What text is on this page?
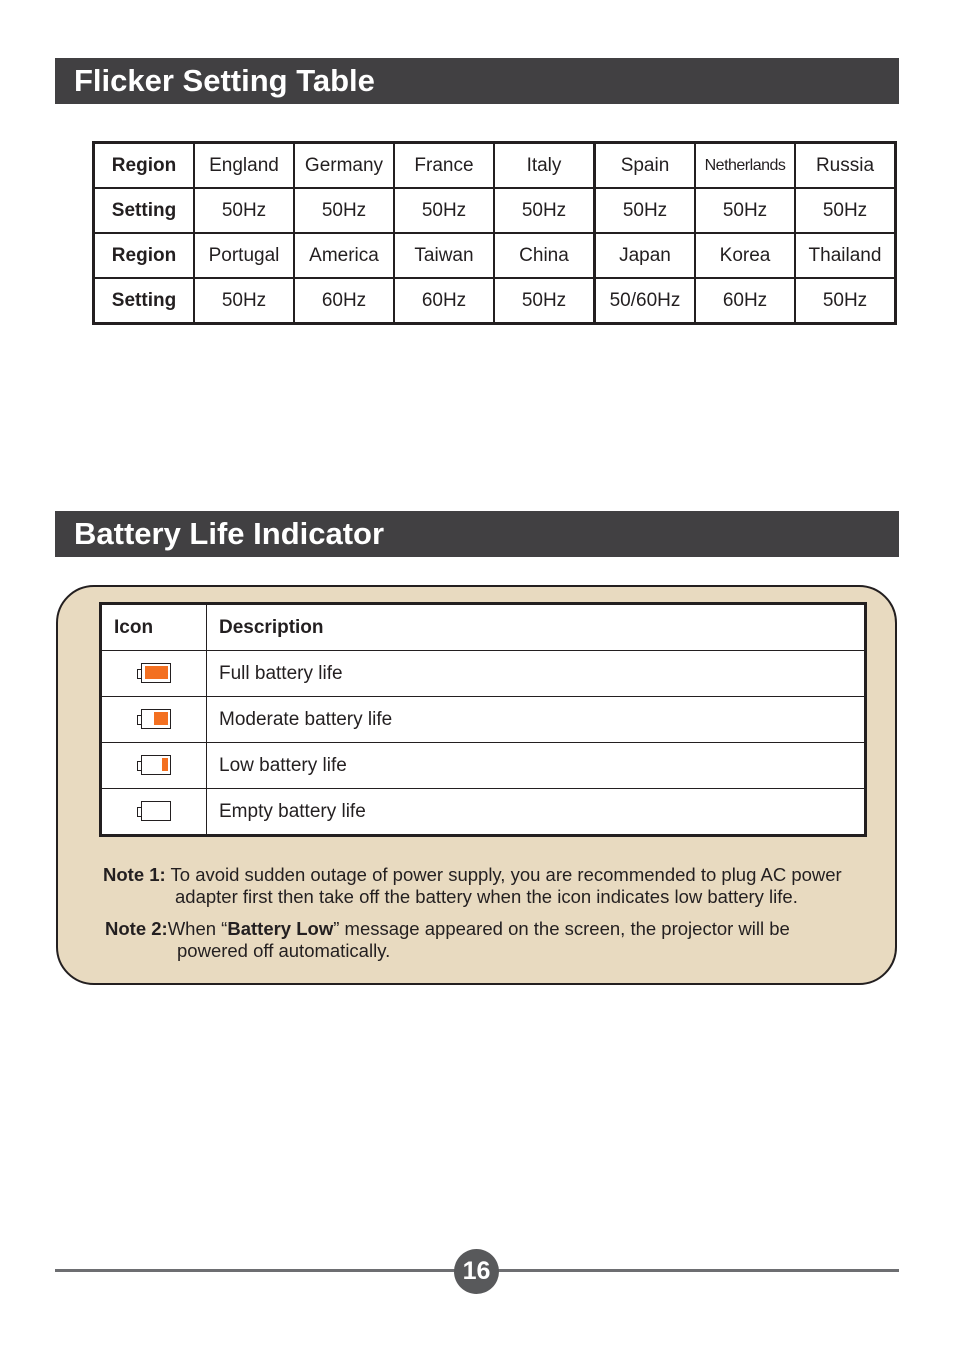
Flicker Setting Table
Region	England	Germany	France	Italy	Spain	Netherlands	Russia
Setting	50Hz	50Hz	50Hz	50Hz	50Hz	50Hz	50Hz
Region	Portugal	America	Taiwan	China	Japan	Korea	Thailand
Setting	50Hz	60Hz	60Hz	50Hz	50/60Hz	60Hz	50Hz
Battery Life Indicator
Icon	Description

	Full battery life

	Moderate battery life

	Low battery life

	Empty battery life

Note 1: To avoid sudden outage of power supply, you are recommended to plug AC power
adapter first then take off the battery when the icon indicates low battery life.

Note 2:When “Battery Low” message appeared on the screen, the projector will be
powered off automatically.

16
